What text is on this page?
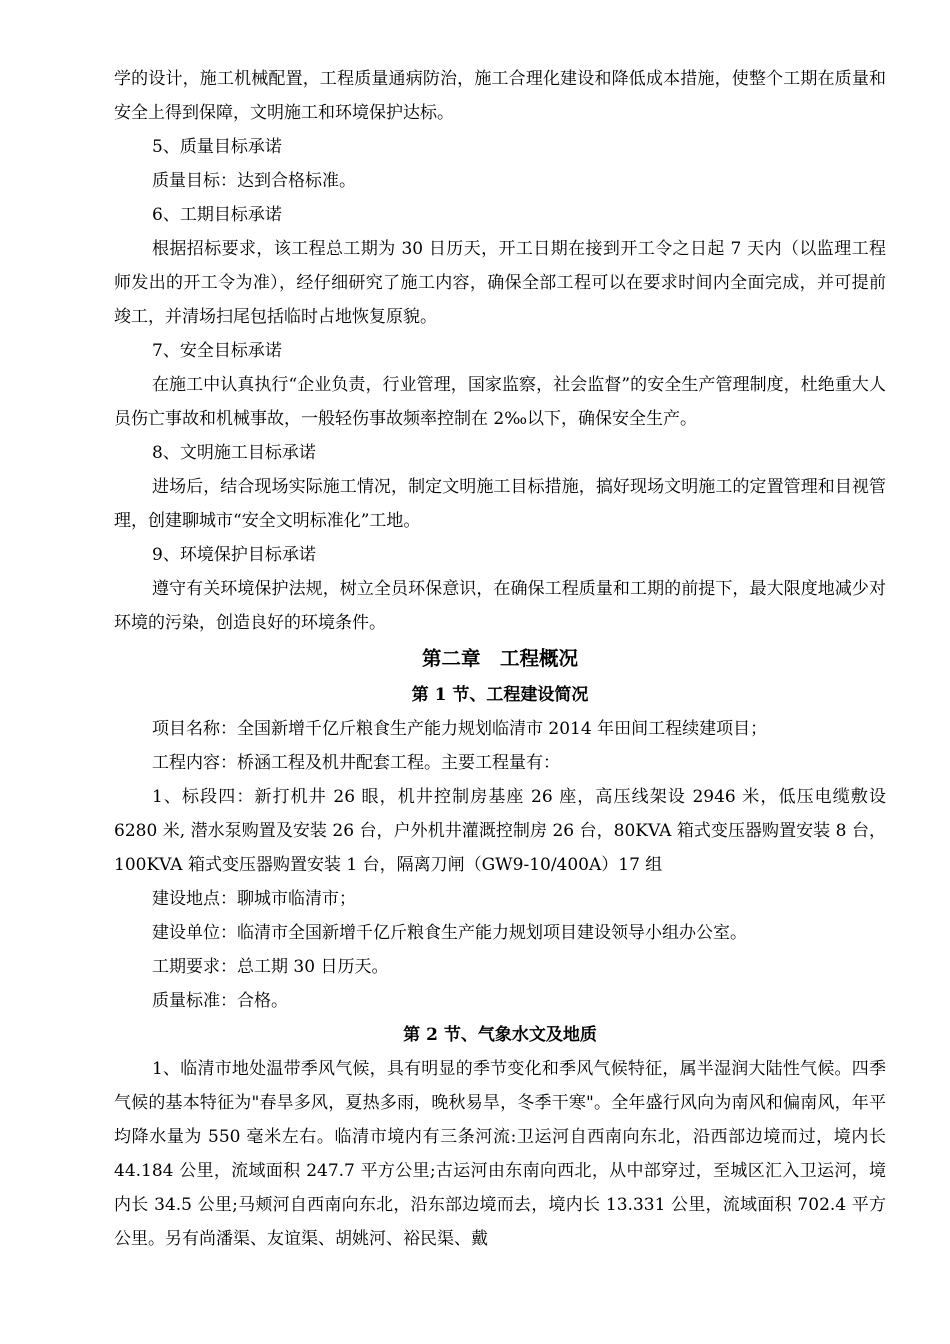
学的设计，施工机械配置，工程质量通病防治，施工合理化建设和降低成本措施，使整个工期在质量和安全上得到保障，文明施工和环境保护达标。

5、质量目标承诺

质量目标：达到合格标准。

6、工期目标承诺

根据招标要求，该工程总工期为 30 日历天，开工日期在接到开工令之日起 7 天内（以监理工程师发出的开工令为准），经仔细研究了施工内容，确保全部工程可以在要求时间内全面完成，并可提前竣工，并清场扫尾包括临时占地恢复原貌。

7、安全目标承诺

在施工中认真执行“企业负责，行业管理，国家监察，社会监督”的安全生产管理制度，杜绝重大人员伤亡事故和机械事故，一般轻伤事故频率控制在 2‰以下，确保安全生产。

8、文明施工目标承诺

进场后，结合现场实际施工情况，制定文明施工目标措施，搞好现场文明施工的定置管理和目视管理，创建聊城市“安全文明标准化”工地。

9、环境保护目标承诺

遵守有关环境保护法规，树立全员环保意识，在确保工程质量和工期的前提下，最大限度地减少对环境的污染，创造良好的环境条件。

第二章　工程概况

第 1 节、工程建设简况

项目名称：全国新增千亿斤粮食生产能力规划临清市 2014 年田间工程续建项目；

工程内容：桥涵工程及机井配套工程。主要工程量有：

1、标段四：新打机井 26 眼，机井控制房基座 26 座，高压线架设 2946 米，低压电缆敷设 6280 米, 潜水泵购置及安装 26 台，户外机井灌溉控制房 26 台，80KVA 箱式变压器购置安装 8 台，100KVA 箱式变压器购置安装 1 台，隔离刀闸（GW9-10/400A）17 组

建设地点：聊城市临清市；

建设单位：临清市全国新增千亿斤粮食生产能力规划项目建设领导小组办公室。

工期要求：总工期 30 日历天。

质量标准：合格。

第 2 节、气象水文及地质

1、临清市地处温带季风气候，具有明显的季节变化和季风气候特征，属半湿润大陆性气候。四季气候的基本特征为"春旱多风，夏热多雨，晚秋易旱，冬季干寒"。全年盛行风向为南风和偏南风，年平均降水量为 550 毫米左右。临清市境内有三条河流:卫运河自西南向东北，沿西部边境而过，境内长 44.184 公里，流域面积 247.7 平方公里;古运河由东南向西北，从中部穿过，至城区汇入卫运河，境内长 34.5 公里;马颊河自西南向东北，沿东部边境而去，境内长 13.331 公里，流域面积 702.4 平方公里。另有尚潘渠、友谊渠、胡姚河、裕民渠、戴
